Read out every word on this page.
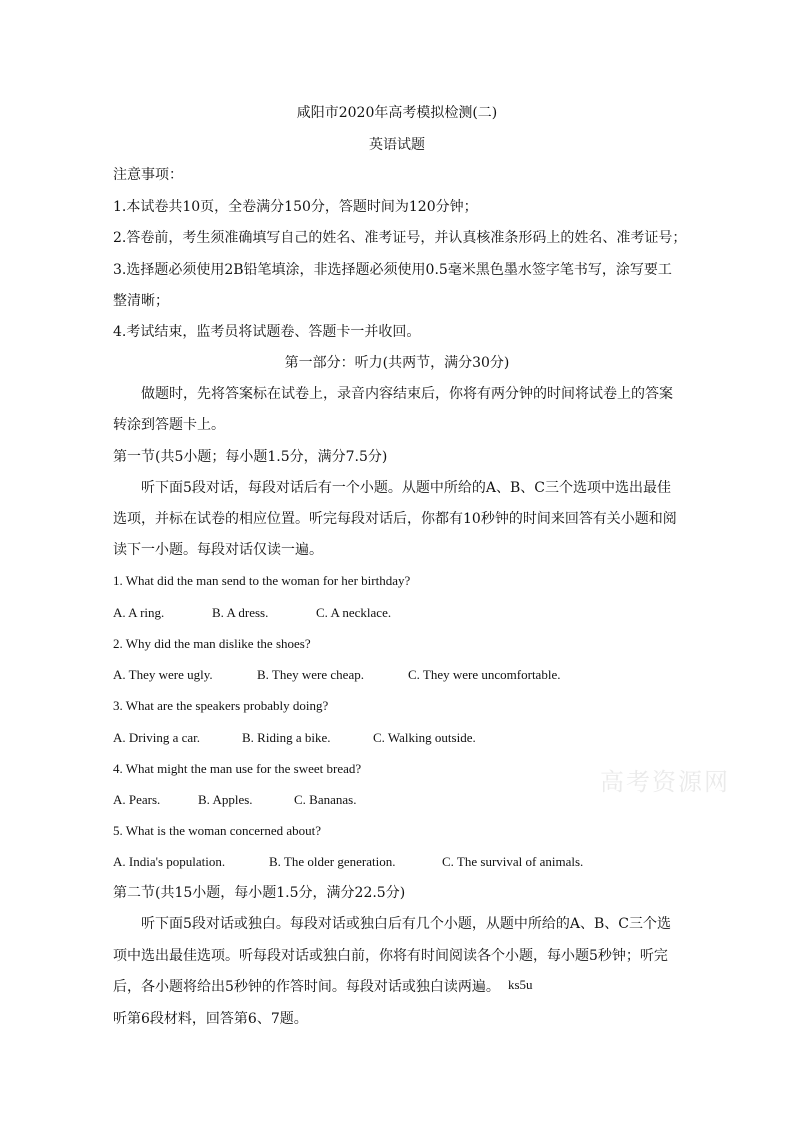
咸阳市2020年高考模拟检测(二)
英语试题
注意事项：
1.本试卷共10页，全卷满分150分，答题时间为120分钟；
2.答卷前，考生须准确填写自己的姓名、准考证号，并认真核准条形码上的姓名、准考证号；
3.选择题必须使用2B铅笔填涂，非选择题必须使用0.5毫米黑色墨水签字笔书写，涂写要工
整清晰；
4.考试结束，监考员将试题卷、答题卡一并收回。
第一部分：听力(共两节，满分30分)
做题时，先将答案标在试卷上，录音内容结束后，你将有两分钟的时间将试卷上的答案
转涂到答题卡上。
第一节(共5小题；每小题1.5分，满分7.5分)
听下面5段对话，每段对话后有一个小题。从题中所给的A、B、C三个选项中选出最佳
选项，并标在试卷的相应位置。听完每段对话后，你都有10秒钟的时间来回答有关小题和阅
读下一小题。每段对话仅读一遍。
1. What did the man send to the woman for her birthday?
A. A ring.	B. A dress.	C. A necklace.
2. Why did the man dislike the shoes?
A. They were ugly.	B. They were cheap.	C. They were uncomfortable.
3. What are the speakers probably doing?
A. Driving a car.	B. Riding a bike.	C. Walking outside.
4. What might the man use for the sweet bread?
A. Pears.	B. Apples.	C. Bananas.
5. What is the woman concerned about?
A. India's population.	B. The older generation.	C. The survival of animals.
第二节(共15小题，每小题1.5分，满分22.5分)
听下面5段对话或独白。每段对话或独白后有几个小题，从题中所给的A、B、C三个选
项中选出最佳选项。听每段对话或独白前，你将有时间阅读各个小题，每小题5秒钟；听完
后，各小题将给出5秒钟的作答时间。每段对话或独白读两遍。 ks5u
听第6段材料，回答第6、7题。
高考资源网
